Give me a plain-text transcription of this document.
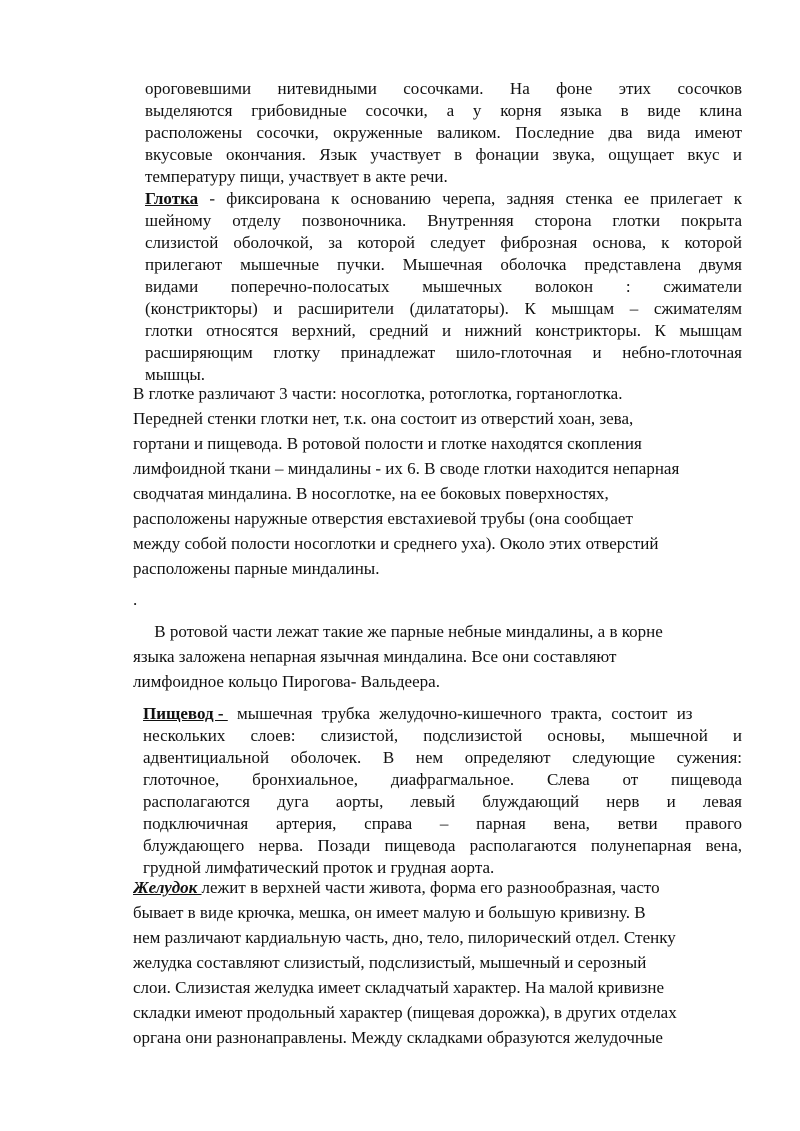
ороговевшими нитевидными сосочками. На фоне этих сосочков
выделяются грибовидные сосочки, а у корня языка в виде клина
расположены сосочки, окруженные валиком. Последние два вида имеют
вкусовые окончания. Язык участвует в фонации звука, ощущает вкус и
температуру пищи, участвует в акте речи.
Глотка - фиксирована к основанию черепа, задняя стенка ее прилегает к
шейному отделу позвоночника. Внутренняя сторона глотки покрыта
слизистой оболочкой, за которой следует фиброзная основа, к которой
прилегают мышечные пучки. Мышечная оболочка представлена двумя
видами поперечно-полосатых мышечных волокон : сжиматели
(констрикторы) и расширители (дилататоры). К мышцам – сжимателям
глотки относятся верхний, средний и нижний констрикторы. К мышцам
расширяющим глотку принадлежат шило-глоточная и небно-глоточная
мышцы.
В глотке различают 3 части: носоглотка, ротоглотка, гортаноглотка.
Передней стенки глотки нет, т.к. она состоит из отверстий хоан, зева,
гортани и пищевода. В ротовой полости и глотке находятся скопления
лимфоидной ткани – миндалины - их 6. В своде глотки находится непарная
сводчатая миндалина. В носоглотке, на ее боковых поверхностях,
расположены наружные отверстия евстахиевой трубы (она сообщает
между собой полости носоглотки и среднего уха). Около этих отверстий
расположены парные миндалины.
.
В ротовой части лежат такие же парные небные миндалины, а в корне
языка заложена непарная язычная миндалина. Все они составляют
лимфоидное кольцо Пирогова- Вальдеера.
Пищевод -  мышечная трубка желудочно-кишечного тракта, состоит из
нескольких слоев: слизистой, подслизистой основы, мышечной и
адвентициальной оболочек. В нем определяют следующие сужения:
глоточное, бронхиальное, диафрагмальное. Слева от пищевода
располагаются дуга аорты, левый блуждающий нерв и левая
подключичная артерия, справа – парная вена, ветви правого
блуждающего нерва. Позади пищевода располагаются полунепарная вена,
грудной лимфатический проток и грудная аорта.
Желудок лежит в верхней части живота, форма его разнообразная, часто
бывает в виде крючка, мешка, он имеет малую и большую кривизну. В
нем различают кардиальную часть, дно, тело, пилорический отдел. Стенку
желудка составляют слизистый, подслизистый, мышечный и серозный
слои. Слизистая желудка имеет складчатый характер. На малой кривизне
складки имеют продольный характер (пищевая дорожка), в других отделах
органа они разнонаправлены. Между складками образуются желудочные
